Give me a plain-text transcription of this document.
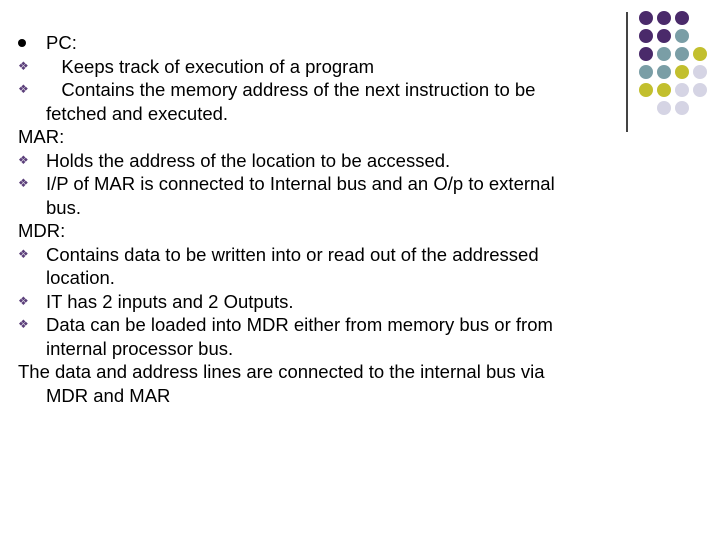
PC:
❖ Keeps track of execution of a program
❖ Contains the memory address of the next instruction to be
fetched and executed.
MAR:
❖ Holds the address of the location to be accessed.
❖ I/P of MAR is connected to Internal bus and an O/p to external
bus.
MDR:
❖ Contains data to be written into or read out of the addressed
location.
❖ IT has 2 inputs and 2 Outputs.
❖ Data can be loaded into MDR either from memory bus or from
internal processor bus.
The data and address lines are connected to the internal bus via
MDR and MAR
